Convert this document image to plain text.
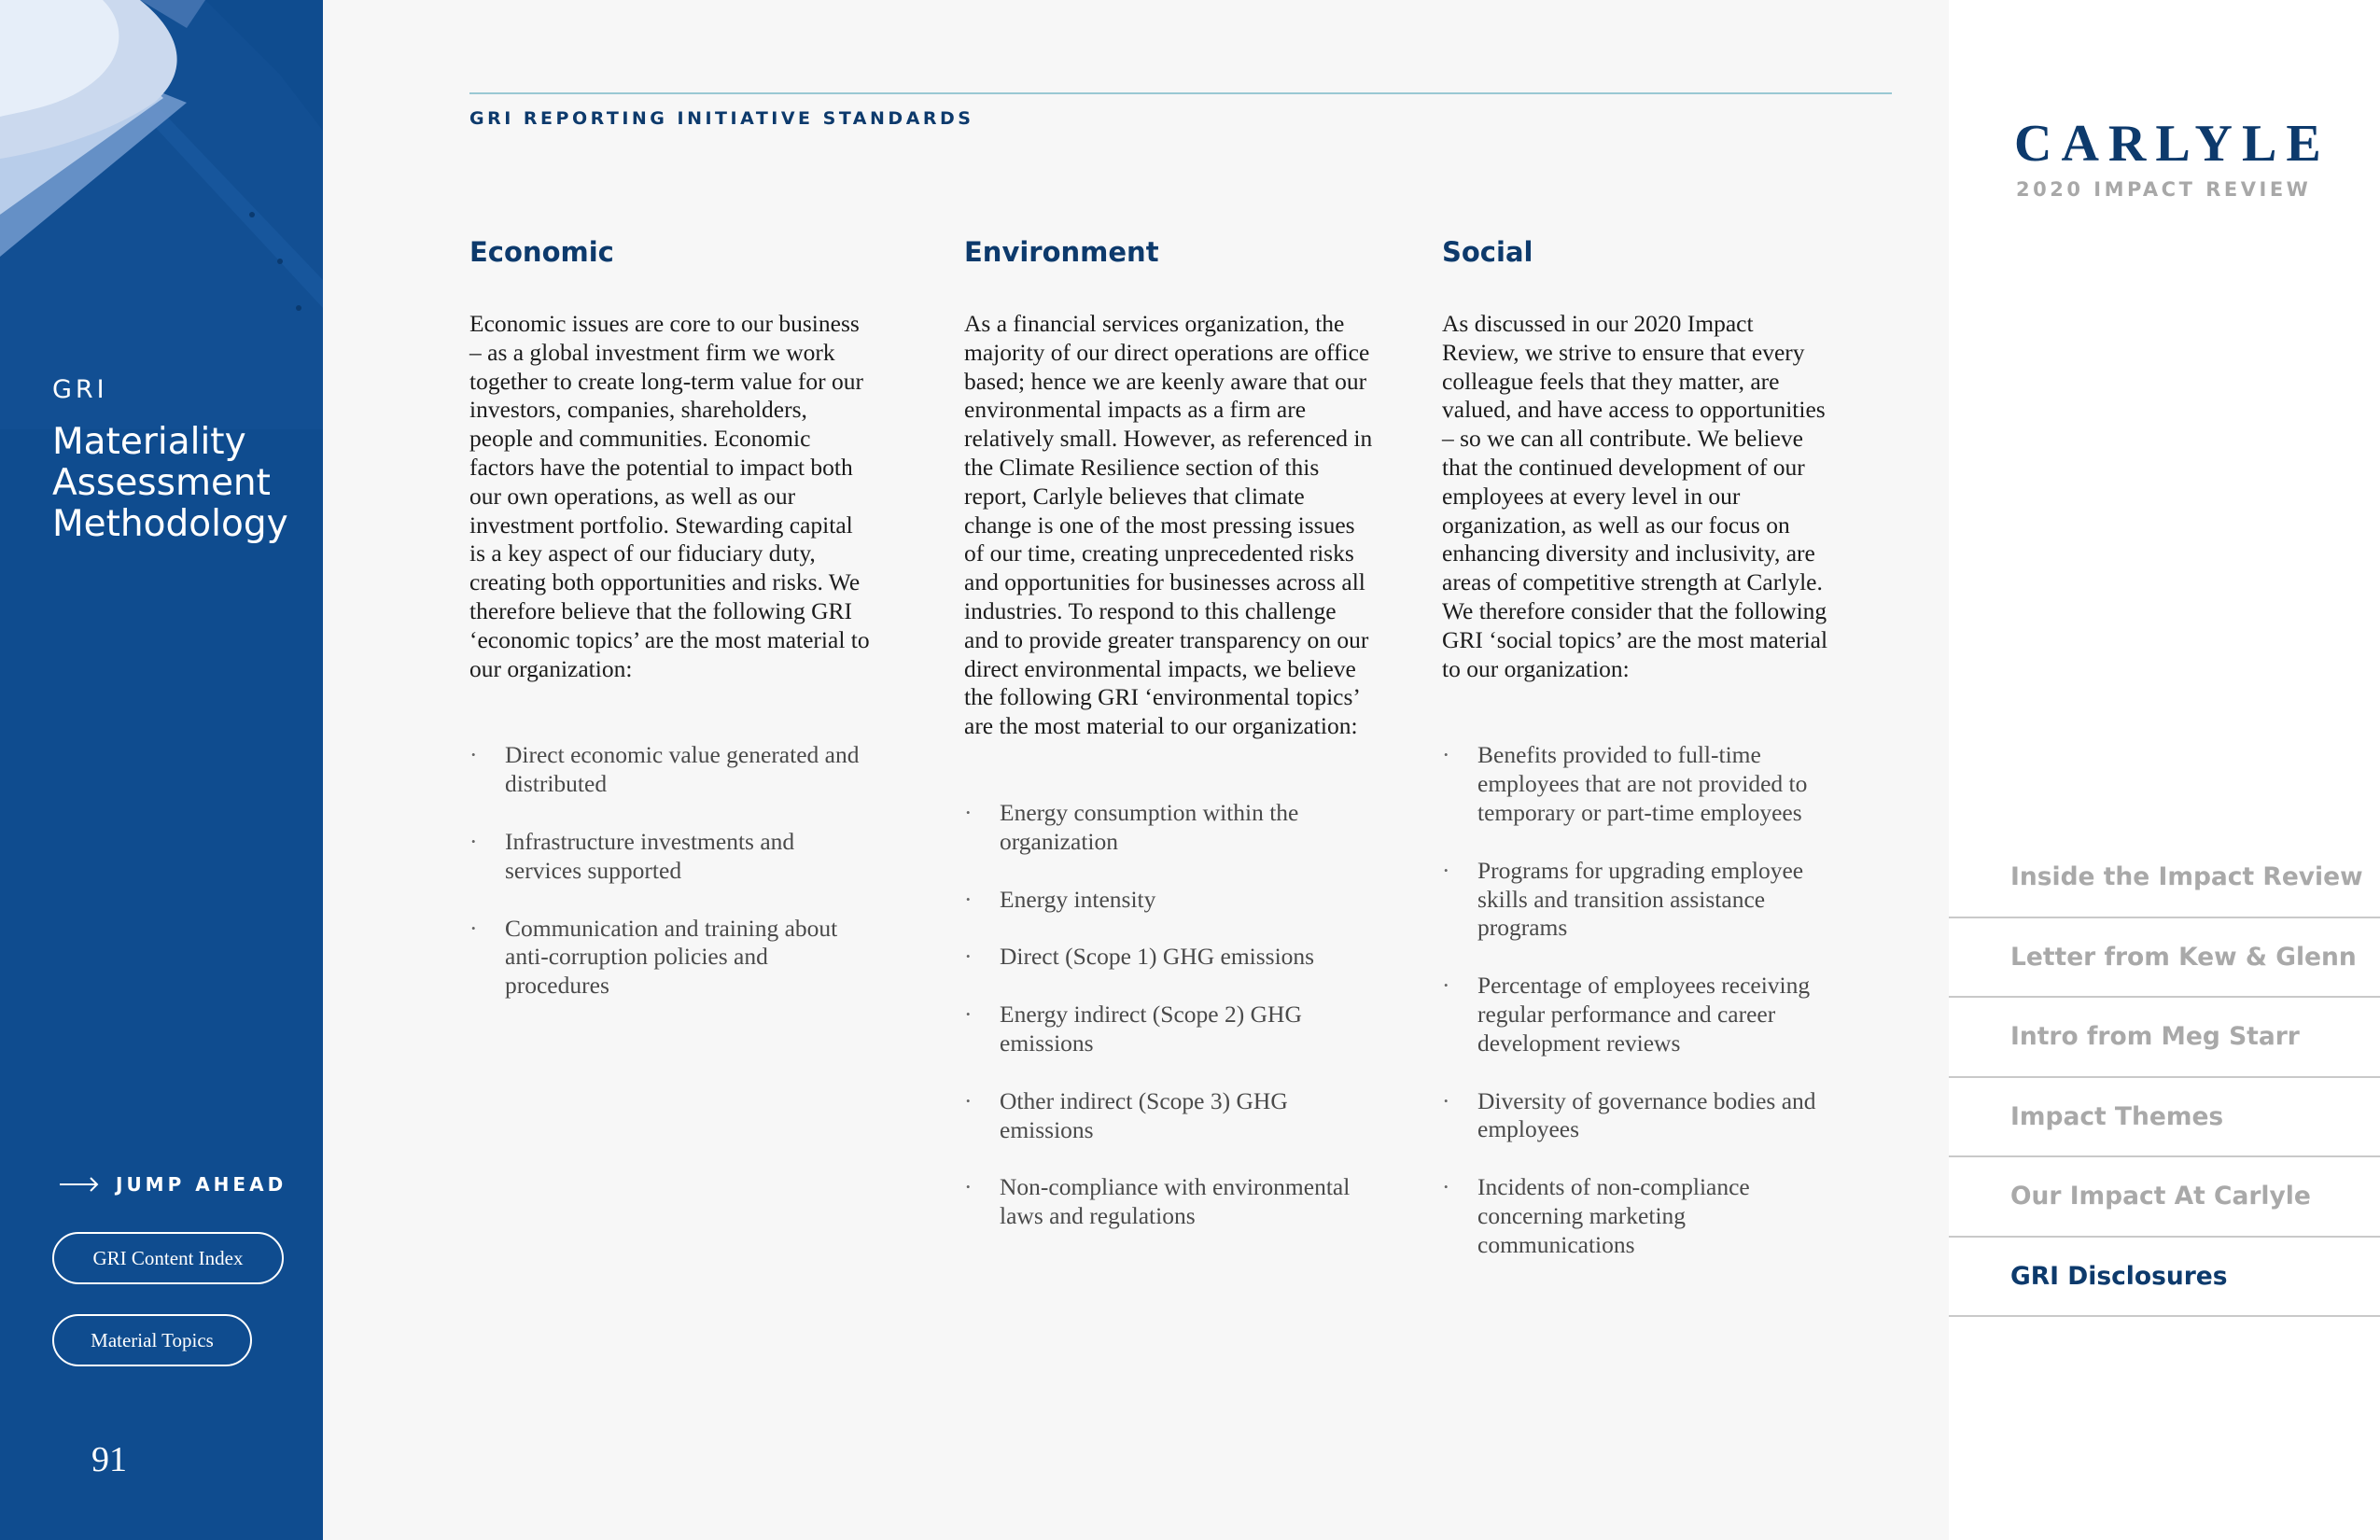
GRI
Materiality Assessment Methodology
JUMP AHEAD
GRI Content Index
Material Topics
91
GRI REPORTING INITIATIVE STANDARDS
Economic

Economic issues are core to our business – as a global investment firm we work together to create long-term value for our investors, companies, shareholders, people and communities. Economic factors have the potential to impact both our own operations, as well as our investment portfolio. Stewarding capital is a key aspect of our fiduciary duty, creating both opportunities and risks. We therefore believe that the following GRI ‘economic topics’ are the most material to our organization:

· Direct economic value generated and distributed
· Infrastructure investments and services supported
· Communication and training about anti-corruption policies and procedures
Environment

As a financial services organization, the majority of our direct operations are office based; hence we are keenly aware that our environmental impacts as a firm are relatively small. However, as referenced in the Climate Resilience section of this report, Carlyle believes that climate change is one of the most pressing issues of our time, creating unprecedented risks and opportunities for businesses across all industries. To respond to this challenge and to provide greater transparency on our direct environmental impacts, we believe the following GRI ‘environmental topics’ are the most material to our organization:

· Energy consumption within the organization
· Energy intensity
· Direct (Scope 1) GHG emissions
· Energy indirect (Scope 2) GHG emissions
· Other indirect (Scope 3) GHG emissions
· Non-compliance with environmental laws and regulations
Social

As discussed in our 2020 Impact Review, we strive to ensure that every colleague feels that they matter, are valued, and have access to opportunities – so we can all contribute. We believe that the continued development of our employees at every level in our organization, as well as our focus on enhancing diversity and inclusivity, are areas of competitive strength at Carlyle. We therefore consider that the following GRI ‘social topics’ are the most material to our organization:

· Benefits provided to full-time employees that are not provided to temporary or part-time employees
· Programs for upgrading employee skills and transition assistance programs
· Percentage of employees receiving regular performance and career development reviews
· Diversity of governance bodies and employees
· Incidents of non-compliance concerning marketing communications
CARLYLE
2020 IMPACT REVIEW
Inside the Impact Review
Letter from Kew & Glenn
Intro from Meg Starr
Impact Themes
Our Impact At Carlyle
GRI Disclosures
